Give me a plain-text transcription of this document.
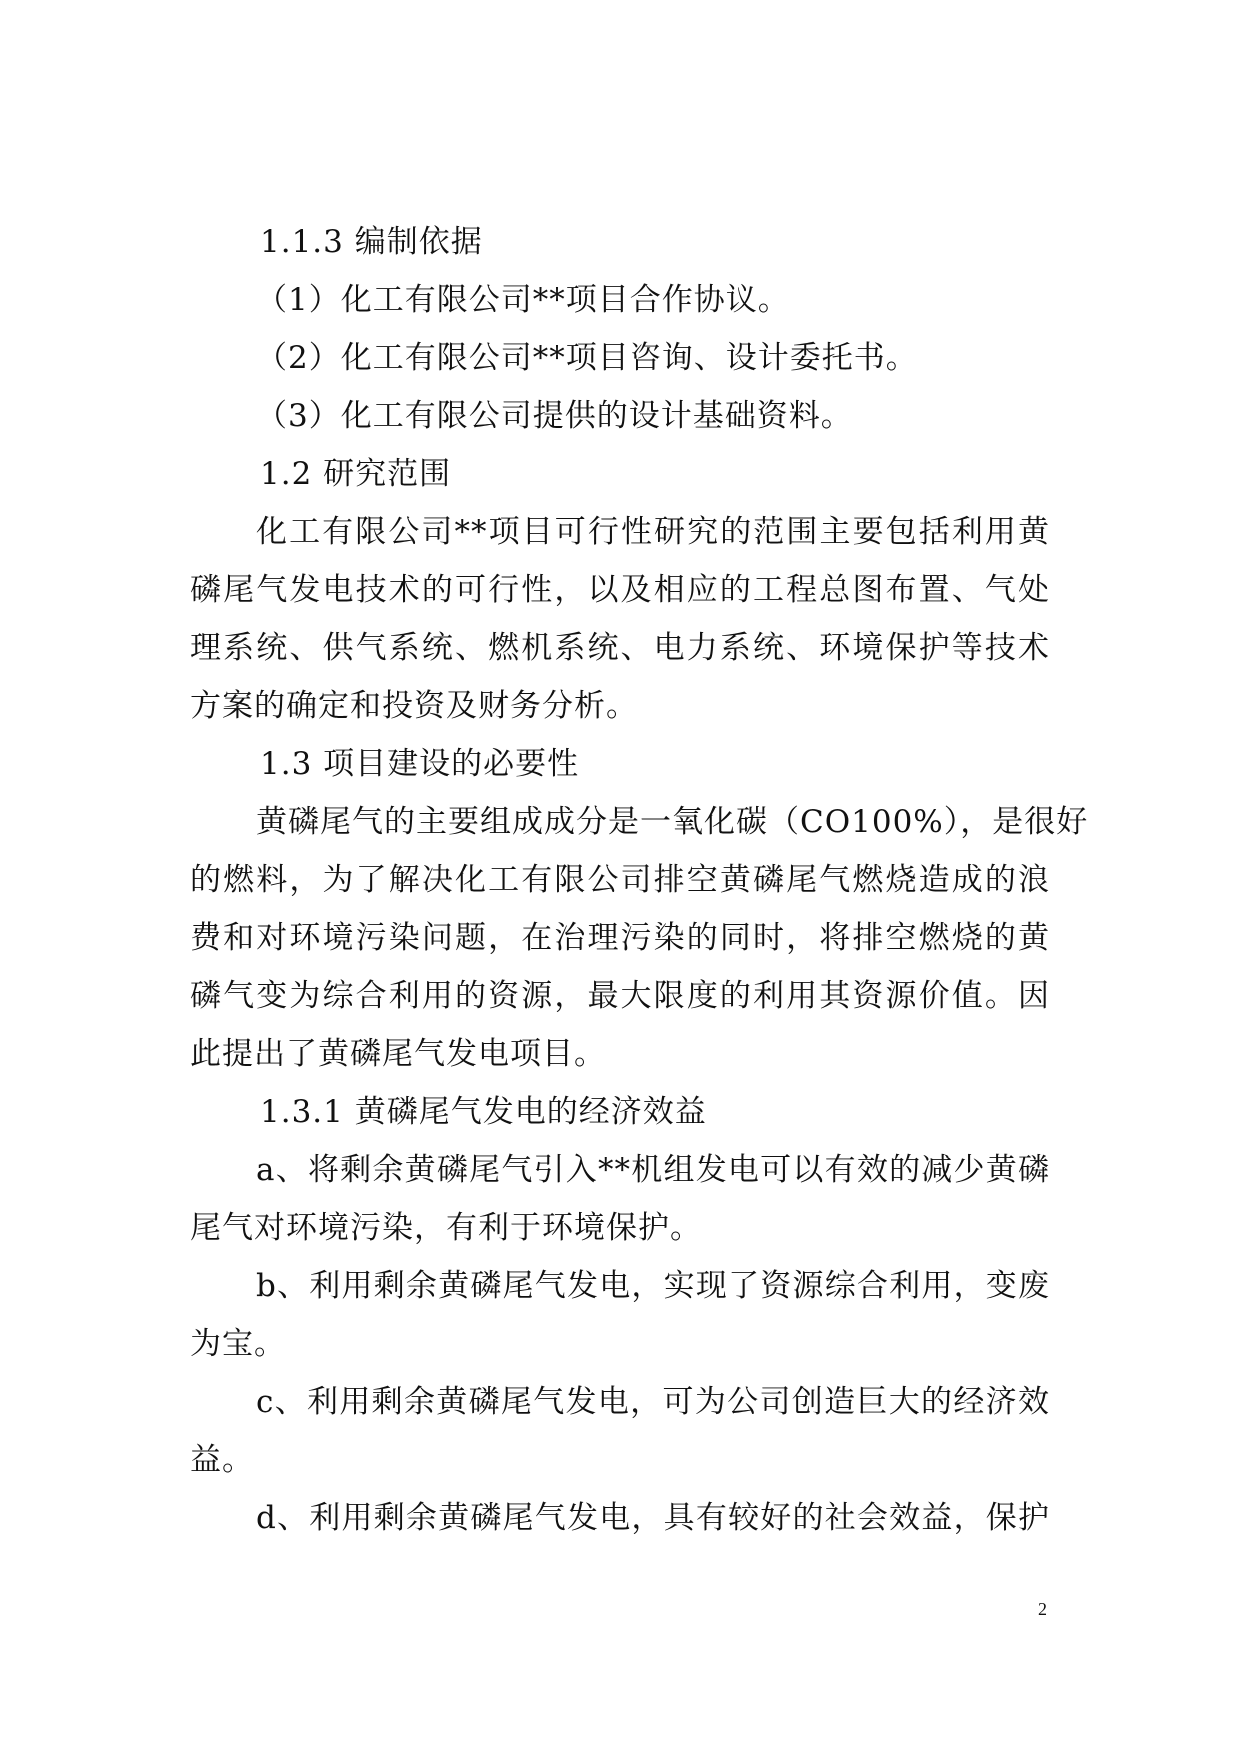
1.1.3 编制依据
（1）化工有限公司**项目合作协议。
（2）化工有限公司**项目咨询、设计委托书。
（3）化工有限公司提供的设计基础资料。
1.2 研究范围
化工有限公司**项目可行性研究的范围主要包括利用黄
磷尾气发电技术的可行性，以及相应的工程总图布置、气处
理系统、供气系统、燃机系统、电力系统、环境保护等技术
方案的确定和投资及财务分析。
1.3 项目建设的必要性
黄磷尾气的主要组成成分是一氧化碳（CO100%），是很好
的燃料，为了解决化工有限公司排空黄磷尾气燃烧造成的浪
费和对环境污染问题，在治理污染的同时，将排空燃烧的黄
磷气变为综合利用的资源，最大限度的利用其资源价值。因
此提出了黄磷尾气发电项目。
1.3.1 黄磷尾气发电的经济效益
a、将剩余黄磷尾气引入**机组发电可以有效的减少黄磷
尾气对环境污染，有利于环境保护。
b、利用剩余黄磷尾气发电，实现了资源综合利用，变废
为宝。
c、利用剩余黄磷尾气发电，可为公司创造巨大的经济效
益。
d、利用剩余黄磷尾气发电，具有较好的社会效益，保护
2
